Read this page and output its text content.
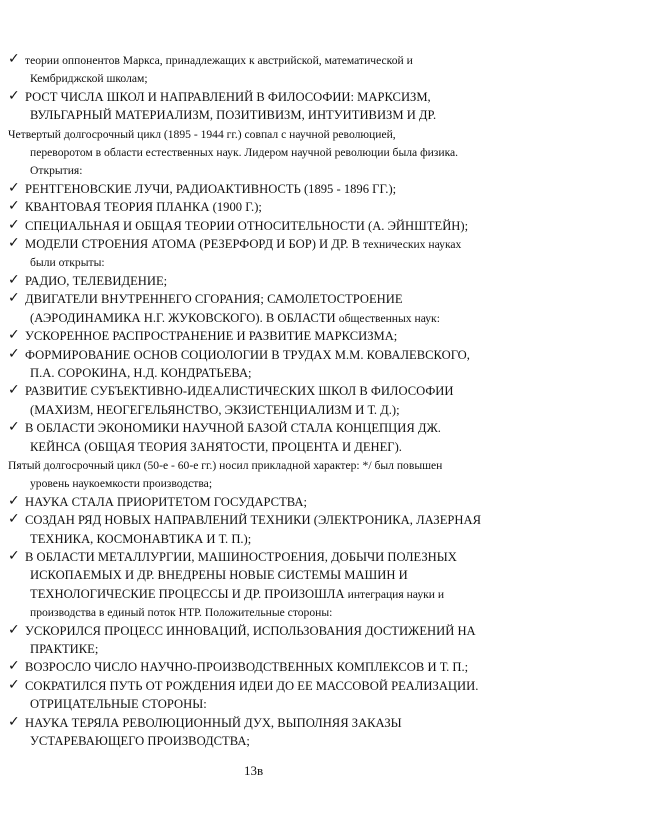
✓ теории оппонентов Маркса, принадлежащих к австрийской, математической и
Кембриджской школам;
✓ РОСТ ЧИСЛА ШКОЛ И НАПРАВЛЕНИЙ В ФИЛОСОФИИ: МАРКСИЗМ,
ВУЛЬГАРНЫЙ МАТЕРИАЛИЗМ, ПОЗИТИВИЗМ, ИНТУИТИВИЗМ И ДР.
Четвертый долгосрочный цикл (1895 - 1944 гг.) совпал с научной революцией,
переворотом в области естественных наук. Лидером научной революции была физика.
Открытия:
✓ РЕНТГЕНОВСКИЕ ЛУЧИ, РАДИОАКТИВНОСТЬ (1895 - 1896 ГГ.);
✓ КВАНТОВАЯ ТЕОРИЯ ПЛАНКА (1900 Г.);
✓ СПЕЦИАЛЬНАЯ И ОБЩАЯ ТЕОРИИ ОТНОСИТЕЛЬНОСТИ (А. ЭЙНШТЕЙН);
✓ МОДЕЛИ СТРОЕНИЯ АТОМА (РЕЗЕРФОРД И БОР) И ДР. В технических науках
были открыты:
✓ РАДИО, ТЕЛЕВИДЕНИЕ;
✓ ДВИГАТЕЛИ ВНУТРЕННЕГО СГОРАНИЯ; САМОЛЕТОСТРОЕНИЕ
(АЭРОДИНАМИКА Н.Г. ЖУКОВСКОГО). В ОБЛАСТИ общественных наук:
✓ УСКОРЕННОЕ РАСПРОСТРАНЕНИЕ И РАЗВИТИЕ МАРКСИЗМА;
✓ ФОРМИРОВАНИЕ ОСНОВ СОЦИОЛОГИИ В ТРУДАХ М.М. КОВАЛЕВСКОГО,
П.А. СОРОКИНА, Н.Д. КОНДРАТЬЕВА;
✓ РАЗВИТИЕ СУБЪЕКТИВНО-ИДЕАЛИСТИЧЕСКИХ ШКОЛ В ФИЛОСОФИИ
(МАХИЗМ, НЕОГЕГЕЛЬЯНСТВО, ЭКЗИСТЕНЦИАЛИЗМ И Т. Д.);
✓ В ОБЛАСТИ ЭКОНОМИКИ НАУЧНОЙ БАЗОЙ СТАЛА КОНЦЕПЦИЯ ДЖ.
КЕЙНСА (ОБЩАЯ ТЕОРИЯ ЗАНЯТОСТИ, ПРОЦЕНТА И ДЕНЕГ).
Пятый долгосрочный цикл (50-е - 60-е гг.) носил прикладной характер: */ был повышен
уровень наукоемкости производства;
✓ НАУКА СТАЛА ПРИОРИТЕТОМ ГОСУДАРСТВА;
✓ СОЗДАН РЯД НОВЫХ НАПРАВЛЕНИЙ ТЕХНИКИ (ЭЛЕКТРОНИКА, ЛАЗЕРНАЯ
ТЕХНИКА, КОСМОНАВТИКА И Т. П.);
✓ В ОБЛАСТИ МЕТАЛЛУРГИИ, МАШИНОСТРОЕНИЯ, ДОБЫЧИ ПОЛЕЗНЫХ
ИСКОПАЕМЫХ И ДР. ВНЕДРЕНЫ НОВЫЕ СИСТЕМЫ МАШИН И
ТЕХНОЛОГИЧЕСКИЕ ПРОЦЕССЫ И ДР. ПРОИЗОШЛА интеграция науки и
производства в единый поток НТР. Положительные стороны:
✓ УСКОРИЛСЯ ПРОЦЕСС ИННОВАЦИЙ, ИСПОЛЬЗОВАНИЯ ДОСТИЖЕНИЙ НА
ПРАКТИКЕ;
✓ ВОЗРОСЛО ЧИСЛО НАУЧНО-ПРОИЗВОДСТВЕННЫХ КОМПЛЕКСОВ И Т. П.;
✓ СОКРАТИЛСЯ ПУТЬ ОТ РОЖДЕНИЯ ИДЕИ ДО ЕЕ МАССОВОЙ РЕАЛИЗАЦИИ.
ОТРИЦАТЕЛЬНЫЕ СТОРОНЫ:
✓ НАУКА ТЕРЯЛА РЕВОЛЮЦИОННЫЙ ДУХ, ВЫПОЛНЯЯ ЗАКАЗЫ
УСТАРЕВАЮЩЕГО ПРОИЗВОДСТВА;
13в
